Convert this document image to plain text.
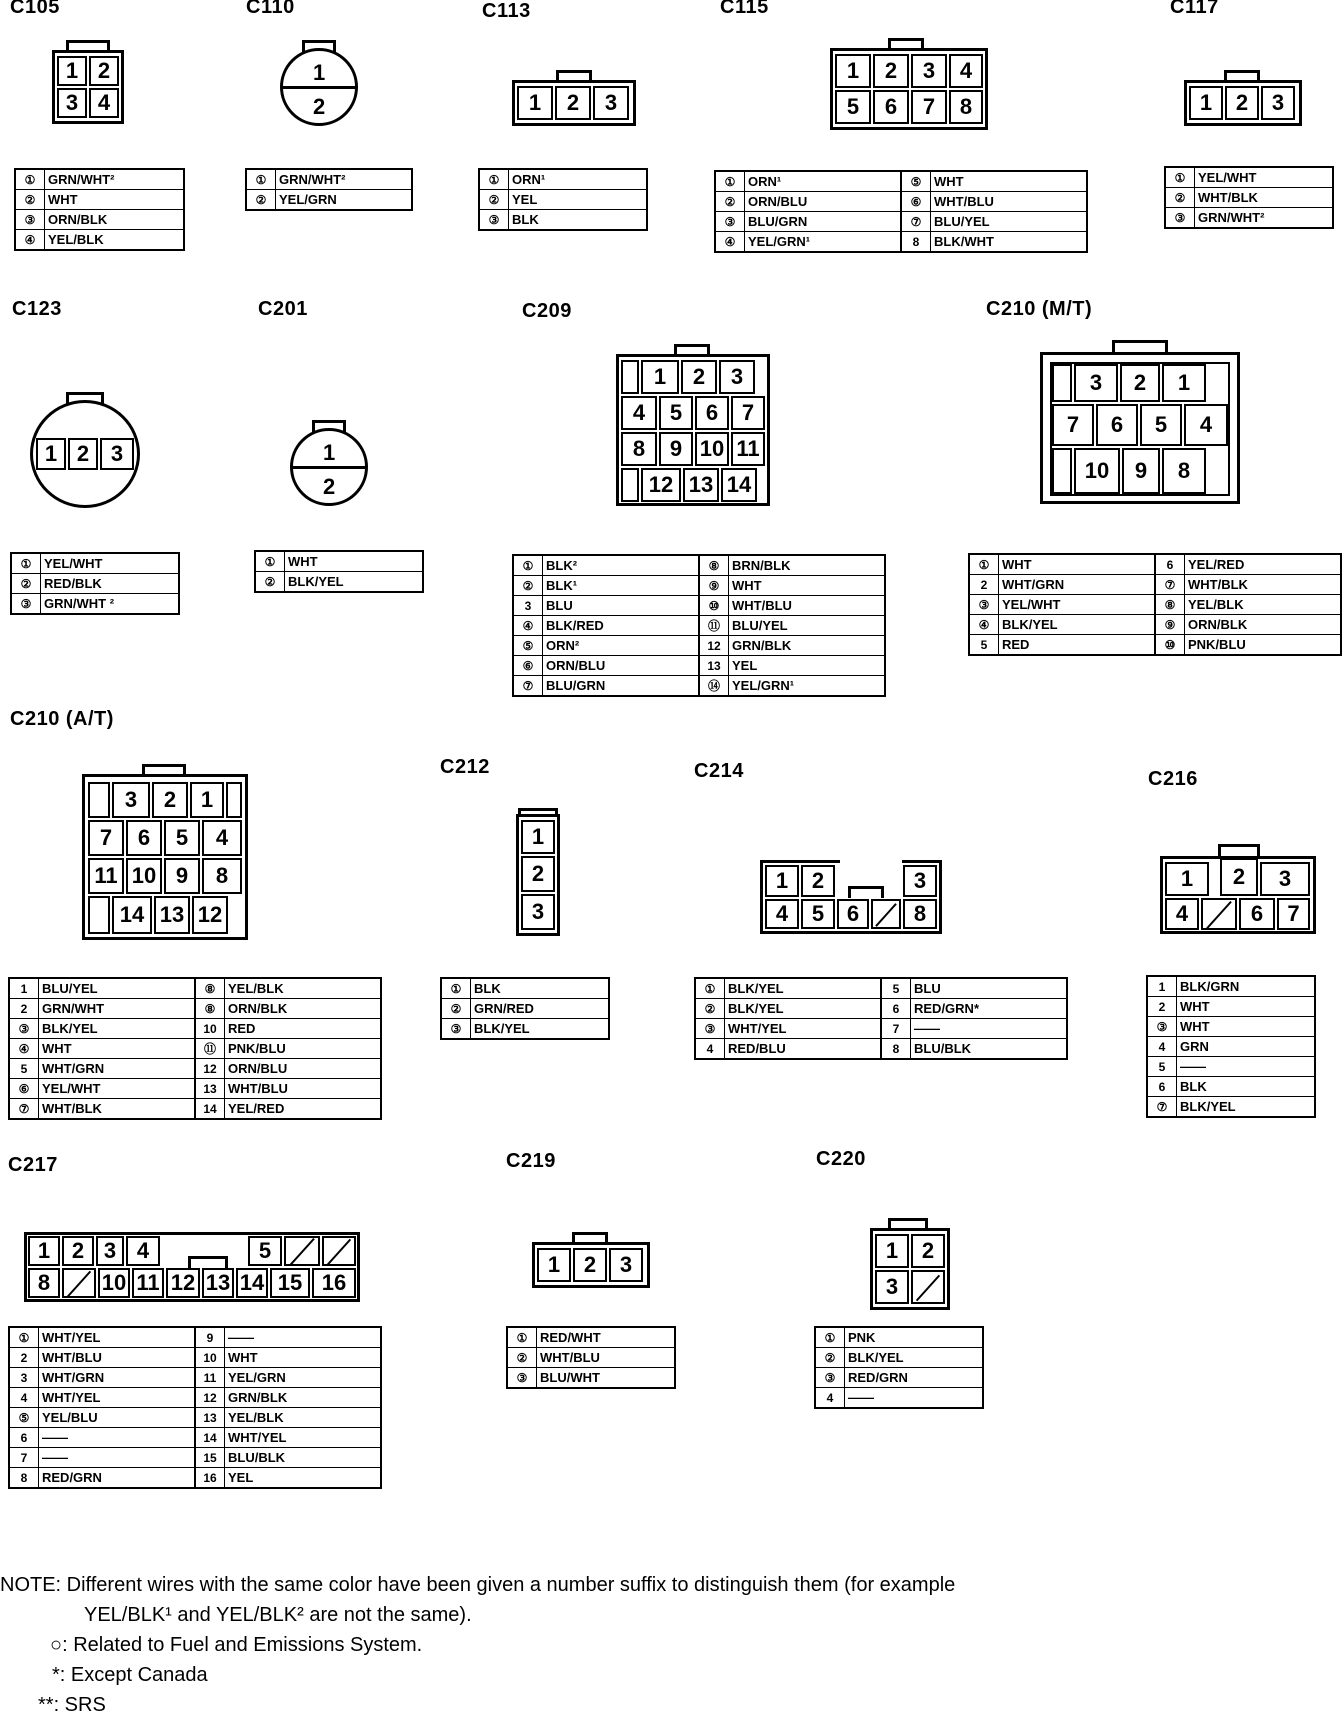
C105
1 2
3 4
①	GRN/WHT²
②	WHT
③	ORN/BLK
④	YEL/BLK
C110
1
2
①	GRN/WHT²
②	YEL/GRN
C113
1	2	3
①	ORN¹
②	YEL
③	BLK
C115
1	2	3	4
5	6	7	8
①	ORN¹	⑤	WHT
②	ORN/BLU	⑥	WHT/BLU
③	BLU/GRN	⑦	BLU/YEL
④	YEL/GRN¹	8	BLK/WHT
C117
1	2	3
①	YEL/WHT
②	WHT/BLK
③	GRN/WHT²
C123
1 2 3
①	YEL/WHT
②	RED/BLK
③	GRN/WHT ²
C201
1
2
①	WHT
②	BLK/YEL
C209
1	2	3
4	5	6	7
8	9 10 11
12 13 14
①	BLK²	⑧	BRN/BLK
②	BLK¹	⑨	WHT
3	BLU	⑩	WHT/BLU
④	BLK/RED	⑪	BLU/YEL
⑤	ORN²	12	GRN/BLK
⑥	ORN/BLU	13	YEL
⑦	BLU/GRN	⑭	YEL/GRN¹
C210 (M/T)
3	2	1
7	6	5	4
10	9	8
①	WHT	6	YEL/RED
2	WHT/GRN	⑦	WHT/BLK
③	YEL/WHT	⑧	YEL/BLK
④	BLK/YEL	⑨	ORN/BLK
5	RED	⑩	PNK/BLU
C210 (A/T)
3	2	1
7	6	5	4
11 10 9	8
14 13 12
1	BLU/YEL	⑧	YEL/BLK
2	GRN/WHT	⑧	ORN/BLK
③	BLK/YEL	10	RED
④	WHT	⑪	PNK/BLU
5	WHT/GRN	12	ORN/BLU
⑥	YEL/WHT	13	WHT/BLU
⑦	WHT/BLK	14	YEL/RED
C212
1
2
3
①	BLK
②	GRN/RED
③	BLK/YEL
C214
1	2	3
4	5	6	8
①	BLK/YEL	5	BLU
②	BLK/YEL	6	RED/GRN*
③	WHT/YEL	7	——
4	RED/BLU	8	BLU/BLK
C216
1	2	3
4	6	7
1	BLK/GRN
2	WHT
③	WHT
4	GRN
5	——
6	BLK
⑦	BLK/YEL
C217
1 2 3 4	5
8	10 11 12 13 14 15 16
①	WHT/YEL	9	——
2	WHT/BLU	10	WHT
3	WHT/GRN	11	YEL/GRN
4	WHT/YEL	12	GRN/BLK
⑤	YEL/BLU	13	YEL/BLK
6	——	14	WHT/YEL
7	——	15	BLU/BLK
8	RED/GRN	16	YEL
C219
1	2	3
①	RED/WHT
②	WHT/BLU
③	BLU/WHT
C220
1	2
3
①	PNK
②	BLK/YEL
③	RED/GRN
4	——
NOTE: Different wires with the same color have been given a number suffix to distinguish them (for example
YEL/BLK¹ and YEL/BLK² are not the same).
○: Related to Fuel and Emissions System.
*: Except Canada
**: SRS
